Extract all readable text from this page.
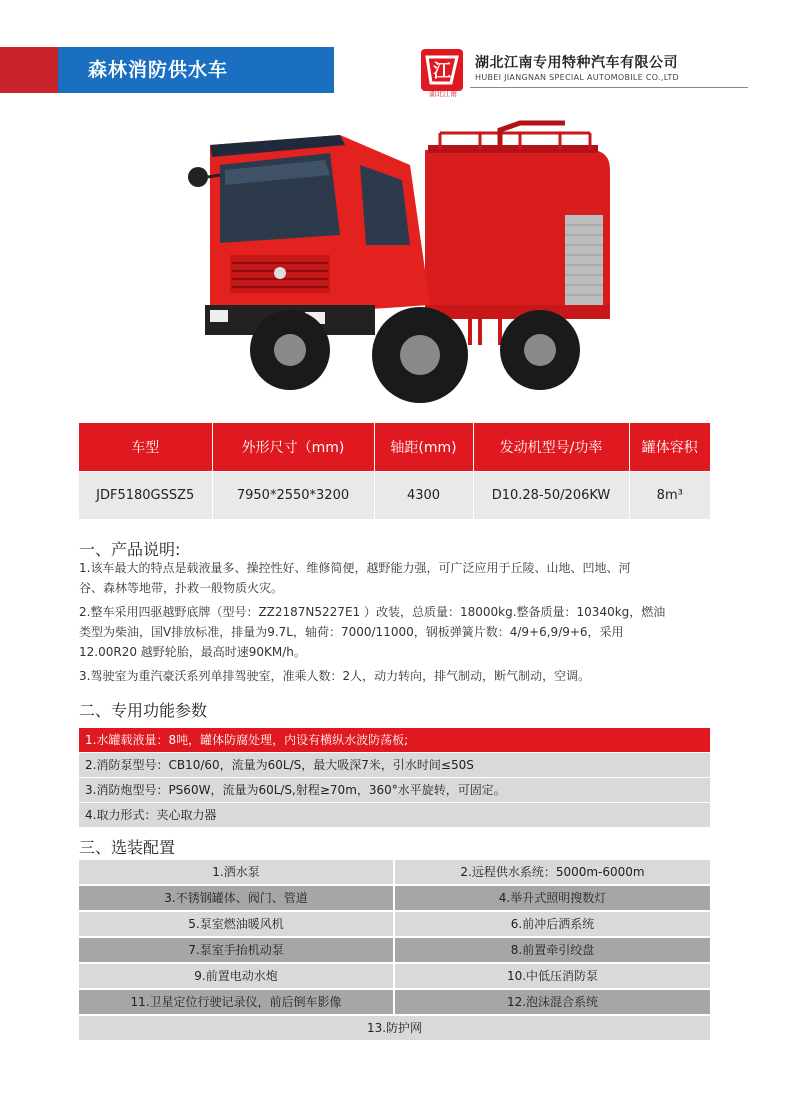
森林消防供水车	江
湖北江南
湖北江南专用特种汽车有限公司
HUBEI JIANGNAN SPECIAL AUTOMOBILE CO.,LTD
车型	外形尺寸（mm)	轴距(mm)	发动机型号/功率	罐体容积
JDF5180GSSZ5	7950*2550*3200	4300	D10.28-50/206KW	8m³
一、产品说明:
1.该车最大的特点是载液量多、操控性好、维修简便，越野能力强，可广泛应用于丘陵、山地、凹地、河
谷、森林等地带，扑救一般物质火灾。
2.整车采用四驱越野底牌（型号：ZZ2187N5227E1 ）改装，总质量：18000kg.整备质量：10340kg，燃油
类型为柴油，国V排放标准，排量为9.7L，轴荷：7000/11000，钢板弹簧片数：4/9+6,9/9+6，采用
12.00R20 越野轮胎，最高时速90KM/h。
3.驾驶室为重汽豪沃系列单排驾驶室，准乘人数：2人，动力转向，排气制动，断气制动，空调。
二、专用功能参数
1.水罐载液量：8吨，罐体防腐处理，内设有横纵水波防荡板;
2.消防泵型号：CB10/60，流量为60L/S，最大吸深7米，引水时间≤50S
3.消防炮型号：PS60W，流量为60L/S,射程≥70m，360°水平旋转，可固定。
4.取力形式：夹心取力器
三、选装配置
1.洒水泵	2.远程供水系统：5000m-6000m
3.不锈钢罐体、阀门、管道	4.举升式照明搜数灯
5.泵室燃油暖风机	6.前冲后洒系统
7.泵室手抬机动泵	8.前置牵引绞盘
9.前置电动水炮	10.中低压消防泵
11.卫星定位行驶记录仪，前后倒车影像	12.泡沫混合系统
13.防护网
